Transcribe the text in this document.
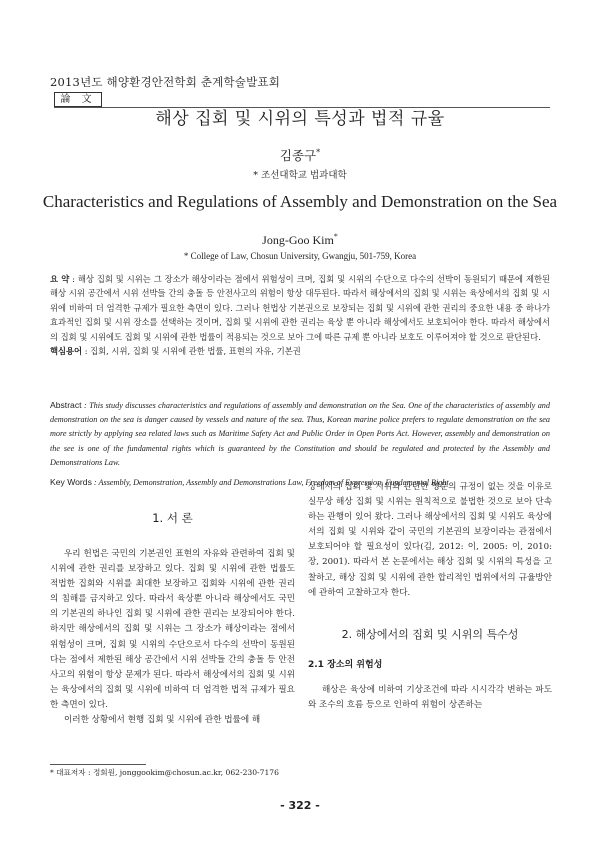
2013년도 해양환경안전학회 춘계학술발표회
論 文
해상 집회 및 시위의 특성과 법적 규율
김종구*
* 조선대학교 법과대학
Characteristics and Regulations of Assembly and Demonstration on the Sea
Jong-Goo Kim*
* College of Law, Chosun University, Gwangju, 501-759, Korea
요 약 : 해상 집회 및 시위는 그 장소가 해상이라는 점에서 위험성이 크며, 집회 및 시위의 수단으로 다수의 선박이 동원되기 때문에 제한된 해상 시위 공간에서 시위 선박들 간의 충돌 등 안전사고의 위험이 항상 대두된다. 따라서 해상에서의 집회 및 시위는 육상에서의 집회 및 시위에 비하여 더 엄격한 규제가 필요한 측면이 있다. 그러나 헌법상 기본권으로 보장되는 집회 및 시위에 관한 권리의 중요한 내용 중 하나가 효과적인 집회 및 시위 장소를 선택하는 것이며, 집회 및 시위에 관한 권리는 육상 뿐 아니라 해상에서도 보호되어야 한다. 따라서 해상에서의 집회 및 시위에도 집회 및 시위에 관한 법률이 적용되는 것으로 보아 그에 따른 규제 뿐 아니라 보호도 이루어져야 할 것으로 판단된다.
핵심용어 : 집회, 시위, 집회 및 시위에 관한 법률, 표현의 자유, 기본권
Abstract : This study discusses characteristics and regulations of assembly and demonstration on the Sea. One of the characteristics of assembly and demonstration on the sea is danger caused by vessels and nature of the sea. Thus, Korean marine police prefers to regulate demonstration on the sea more strictly by applying sea related laws such as Maritime Safety Act and Public Order in Open Ports Act. However, assembly and demonstration on the see is one of the fundamental rights which is guaranteed by the Constitution and should be regulated and protected by the Assembly and Demonstrations Law.
Key Words : Assembly, Demonstration, Assembly and Demonstrations Law, Freedom of Expression, Fundamental Right
1. 서 론

우리 헌법은 국민의 기본권인 표현의 자유와 관련하여 집회 및 시위에 관한 권리를 보장하고 있다. 집회 및 시위에 관한 법률도 적법한 집회와 시위를 최대한 보장하고 집회와 시위에 관한 권리의 침해를 금지하고 있다. 따라서 육상뿐 아니라 해상에서도 국민의 기본권의 하나인 집회 및 시위에 관한 권리는 보장되어야 한다. 하지만 해상에서의 집회 및 시위는 그 장소가 해상이라는 점에서 위험성이 크며, 집회 및 시위의 수단으로서 다수의 선박이 동원된다는 점에서 제한된 해상 공간에서 시위 선박들 간의 충돌 등 안전사고의 위험이 항상 문제가 된다. 따라서 해상에서의 집회 및 시위는 육상에서의 집회 및 시위에 비하여 더 엄격한 법적 규제가 필요한 측면이 있다.

이러한 상황에서 현행 집회 및 시위에 관한 법률에 해

상에서의 집회 및 시위와 관련한 명문의 규정이 없는 것을 이유로 실무상 해상 집회 및 시위는 원칙적으로 불법한 것으로 보아 단속하는 관행이 있어 왔다. 그러나 해상에서의 집회 및 시위도 육상에서의 집회 및 시위와 같이 국민의 기본권의 보장이라는 관점에서 보호되어야 할 필요성이 있다(김, 2012: 이, 2005: 이, 2010: 장, 2001). 따라서 본 논문에서는 해상 집회 및 시위의 특성을 고찰하고, 해상 집회 및 시위에 관한 합리적인 법위에서의 규율방안에 관하여 고찰하고자 한다.

2. 해상에서의 집회 및 시위의 특수성
2.1 장소의 위험성

해상은 육상에 비하여 기상조건에 따라 시시각각 변하는 파도와 조수의 흐름 등으로 인하여 위험이 상존하는

* 대표저자 : 정회원, jonggookim@chosun.ac.kr, 062-230-7176
- 322 -
